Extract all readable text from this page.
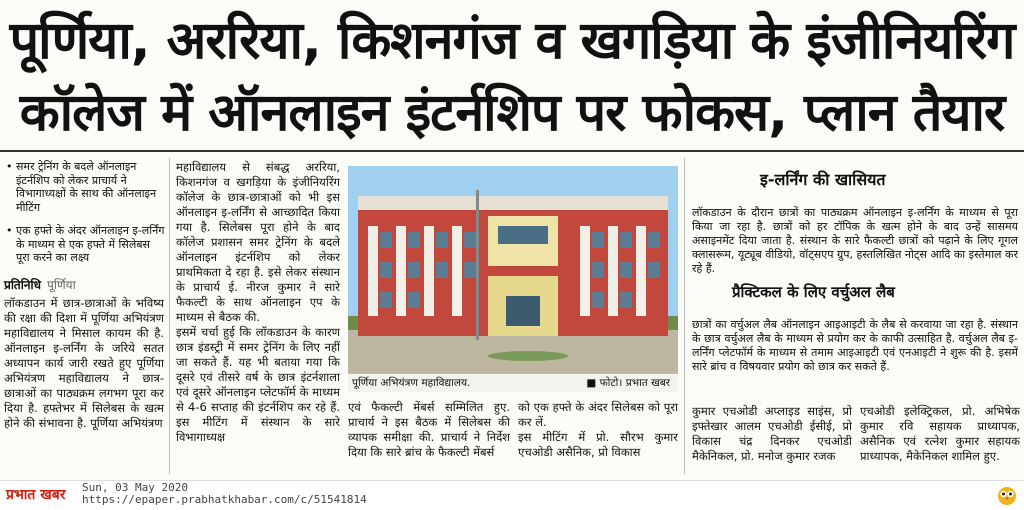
पूर्णिया, अररिया, किशनगंज व खगड़िया के इंजीनियरिंग
कॉलेज में ऑनलाइन इंटर्नशिप पर फोकस, प्लान तैयार

• समर ट्रेनिंग के बदले ऑनलाइन इंटर्नशिप को लेकर प्राचार्य ने विभागाध्यक्षों के साथ की ऑनलाइन मीटिंग

• एक हफ्ते के अंदर ऑनलाइन इ-लर्निंग के माध्यम से एक हफ्ते में सिलेबस पूरा करने का लक्ष्य

प्रतिनिधि पूर्णिया
लॉकडाउन में छात्र-छात्राओं के भविष्य की रक्षा की दिशा में पूर्णिया अभियंत्रण महाविद्यालय ने मिसाल कायम की है. ऑनलाइन इ-लर्निंग के जरिये सतत अध्यापन कार्य जारी रखते हुए पूर्णिया अभियंत्रण महाविद्यालय ने छात्र-छात्राओं का पाठ्यक्रम लगभग पूरा कर दिया है. हफ्तेभर में सिलेबस के खत्म होने की संभावना है. पूर्णिया अभियंत्रण
महाविद्यालय से संबद्ध अररिया, किशनगंज व खगड़िया के इंजीनियरिंग कॉलेज के छात्र-छात्राओं को भी इस ऑनलाइन इ-लर्निंग से आच्छादित किया गया है. सिलेबस पूरा होने के बाद कॉलेज प्रशासन समर ट्रेनिंग के बदले ऑनलाइन इंटर्नशिप को लेकर प्राथमिकता दे रहा है. इसे लेकर संस्थान के प्राचार्य ई. नीरज कुमार ने सारे फैकल्टी के साथ ऑनलाइन एप के माध्यम से बैठक की.
इसमें चर्चा हुई कि लॉकडाउन के कारण छात्र इंडस्ट्री में समर ट्रेनिंग के लिए नहीं जा सकते हैं. यह भी बताया गया कि दूसरे एवं तीसरे वर्ष के छात्र इंटर्नशाला एवं दूसरे ऑनलाइन प्लेटफॉर्म के माध्यम से 4-6 सप्ताह की इंटर्नशिप कर रहे हैं. इस मीटिंग में संस्थान के सारे विभागाध्यक्ष
पूर्णिया अभियंत्रण महाविद्यालय.	■ फोटो। प्रभात खबर
एवं फैकल्टी मेंबर्स सम्मिलित हुए. प्राचार्य ने इस बैठक में सिलेबस की व्यापक समीक्षा की. प्राचार्य ने निर्देश दिया कि सारे ब्रांच के फैकल्टी मेंबर्स
को एक हफ्ते के अंदर सिलेबस को पूरा कर लें.
इस मीटिंग में प्रो. सौरभ कुमार एचओडी असैनिक, प्रो विकास
इ-लर्निंग की खासियत
लॉकडाउन के दौरान छात्रों का पाठ्यक्रम ऑनलाइन इ-लर्निंग के माध्यम से पूरा किया जा रहा है. छात्रों को हर टॉपिक के खत्म होने के बाद उन्हें सासमय असाइनमेंट दिया जाता है. संस्थान के सारे फैकल्टी छात्रों को पढ़ाने के लिए गूगल क्लासरूम, यूट्यूब वीडियो, वॉट्सएप ग्रुप, हस्तलिखित नोट्स आदि का इस्तेमाल कर रहे हैं.
प्रैक्टिकल के लिए वर्चुअल लैब
छात्रों का वर्चुअल लैब ऑनलाइन आइआइटी के लैब से करवाया जा रहा है. संस्थान के छात्र वर्चुअल लैब के माध्यम से प्रयोग कर के काफी उत्साहित है. वर्चुअल लैब इ- लर्निंग प्लेटफॉर्म के माध्यम से तमाम आइआइटी एवं एनआइटी ने शुरू की है. इसमें सारे ब्रांच व विषयवार प्रयोग को छात्र कर सकते हैं.
कुमार एचओडी अप्लाइड साइंस, प्रो इफ्तेखार आलम एचओडी ईसीई, प्रो विकास चंद्र दिनकर एचओडी मैकेनिकल, प्रो. मनोज कुमार रजक
एचओडी इलेक्ट्रिकल, प्रो. अभिषेक कुमार रवि सहायक प्राध्यापक, असैनिक एवं रत्नेश कुमार सहायक प्राध्यापक, मैकेनिकल शामिल हुए.
प्रभात खबर Sun, 03 May 2020
https://epaper.prabhatkhabar.com/c/51541814
